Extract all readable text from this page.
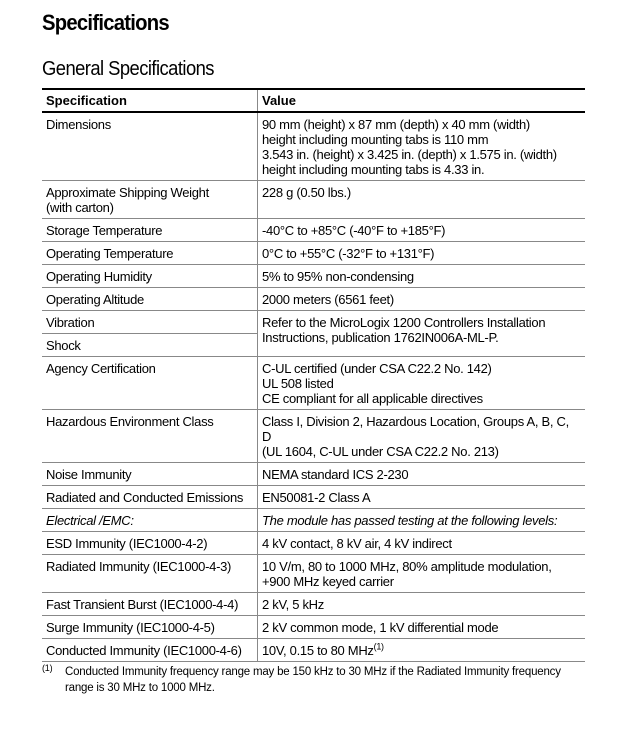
Specifications
General Specifications
Specification	Value

Dimensions	90 mm (height) x 87 mm (depth) x 40 mm (width)
height including mounting tabs is 110 mm
3.543 in. (height) x 3.425 in. (depth) x 1.575 in. (width)
height including mounting tabs is 4.33 in.

Approximate Shipping Weight
(with carton)	228 g (0.50 lbs.)

Storage Temperature	-40°C to +85°C (-40°F to +185°F)

Operating Temperature	0°C to +55°C (-32°F to +131°F)

Operating Humidity	5% to 95% non-condensing

Operating Altitude	2000 meters (6561 feet)

Vibration	Refer to the MicroLogix 1200 Controllers Installation Instructions, publication 1762IN006A-ML-P.

Shock	

Agency Certification	C-UL certified (under CSA C22.2 No. 142)
UL 508 listed
CE compliant for all applicable directives

Hazardous Environment Class	Class I, Division 2, Hazardous Location, Groups A, B, C, D
(UL 1604, C-UL under CSA C22.2 No. 213)

Noise Immunity	NEMA standard ICS 2-230

Radiated and Conducted Emissions	EN50081-2 Class A

Electrical /EMC:	The module has passed testing at the following levels:

ESD Immunity (IEC1000-4-2)	4 kV contact, 8 kV air, 4 kV indirect

Radiated Immunity (IEC1000-4-3)	10 V/m, 80 to 1000 MHz, 80% amplitude modulation,
+900 MHz keyed carrier

Fast Transient Burst (IEC1000-4-4)	2 kV, 5 kHz

Surge Immunity (IEC1000-4-5)	2 kV common mode, 1 kV differential mode

Conducted Immunity (IEC1000-4-6)	10V, 0.15 to 80 MHz$^{(1)}$
(1) Conducted Immunity frequency range may be 150 kHz to 30 MHz if the Radiated Immunity frequency range is 30 MHz to 1000 MHz.
